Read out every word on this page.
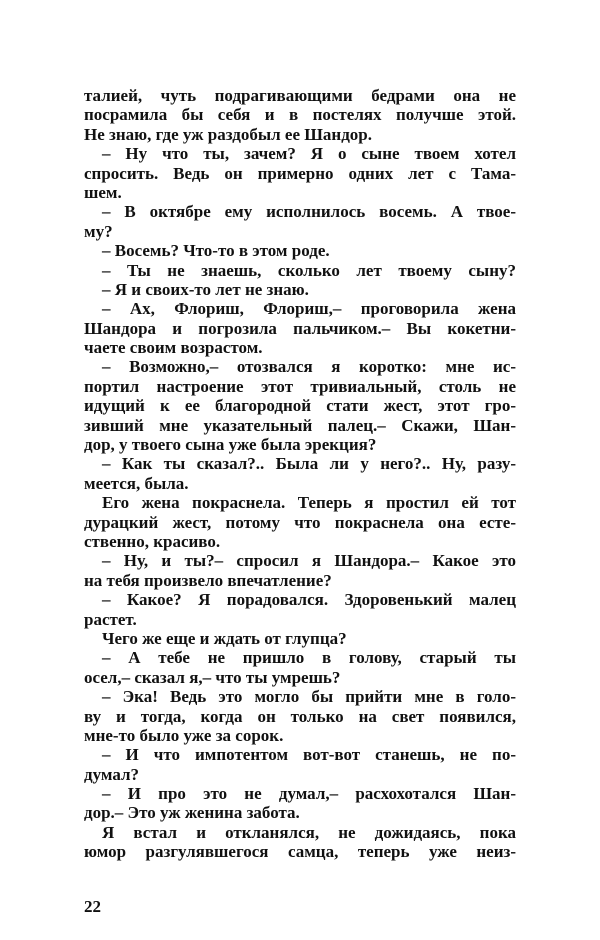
талией, чуть подрагивающими бедрами она не
посрамила бы себя и в постелях получше этой.
Не знаю, где уж раздобыл ее Шандор.
– Ну что ты, зачем? Я о сыне твоем хотел
спросить. Ведь он примерно одних лет с Тама-
шем.
– В октябре ему исполнилось восемь. А твое-
му?
– Восемь? Что-то в этом роде.
– Ты не знаешь, сколько лет твоему сыну?
– Я и своих-то лет не знаю.
– Ах, Флориш, Флориш,– проговорила жена
Шандора и погрозила пальчиком.– Вы кокетни-
чаете своим возрастом.
– Возможно,– отозвался я коротко: мне ис-
портил настроение этот тривиальный, столь не
идущий к ее благородной стати жест, этот гро-
зивший мне указательный палец.– Скажи, Шан-
дор, у твоего сына уже была эрекция?
– Как ты сказал?.. Была ли у него?.. Ну, разу-
меется, была.
Его жена покраснела. Теперь я простил ей тот
дурацкий жест, потому что покраснела она есте-
ственно, красиво.
– Ну, и ты?– спросил я Шандора.– Какое это
на тебя произвело впечатление?
– Какое? Я порадовался. Здоровенький малец
растет.
Чего же еще и ждать от глупца?
– А тебе не пришло в голову, старый ты
осел,– сказал я,– что ты умрешь?
– Эка! Ведь это могло бы прийти мне в голо-
ву и тогда, когда он только на свет появился,
мне-то было уже за сорок.
– И что импотентом вот-вот станешь, не по-
думал?
– И про это не думал,– расхохотался Шан-
дор.– Это уж женина забота.
Я встал и откланялся, не дожидаясь, пока
юмор разгулявшегося самца, теперь уже неиз-
22
